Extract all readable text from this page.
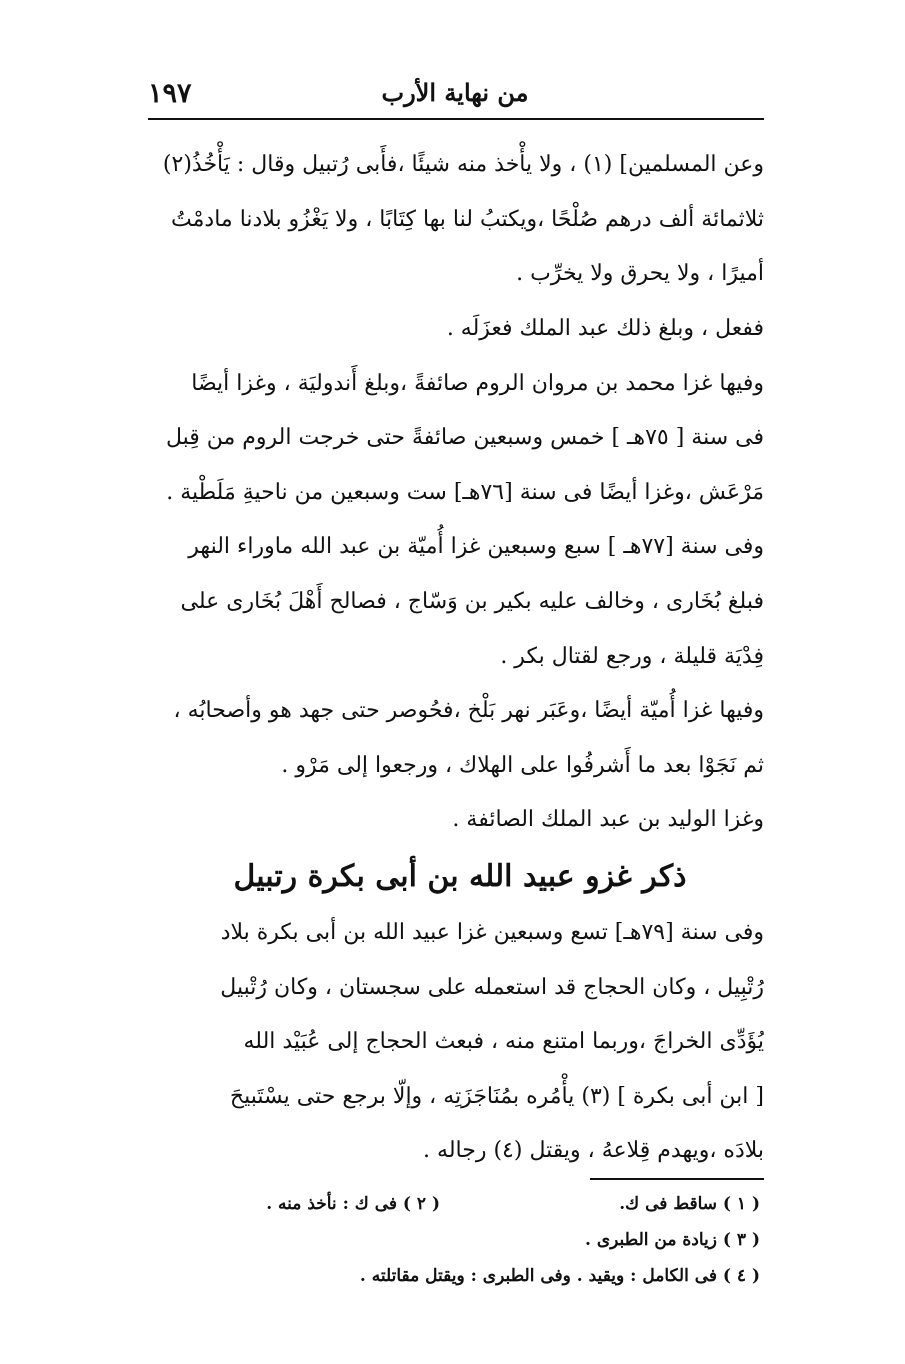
١٩٧	من نهاية الأرب
وعن المسلمين] (١) ، ولا يأْخذ منه شيئًا ،فأَبى رُتبيل وقال : يَأْخُذُ(٢)
ثلاثمائة ألف درهم صُلْحًا ،ويكتبُ لنا بها كِتَابًا ، ولا يَغْزُو بلادنا مادمْتُ
أميرًا ، ولا يحرق ولا يخرِّب .
ففعل ، وبلغ ذلك عبد الملك فعزَلَه .
وفيها غزا محمد بن مروان الروم صائفةً ،وبلغ أَندوليَة ، وغزا أيضًا
فى سنة [ ٧٥هـ ] خمس وسبعين صائفةً حتى خرجت الروم من قِبل
مَرْعَش ،وغزا أيضًا فى سنة [٧٦هـ] ست وسبعين من ناحيةِ مَلَطْية .
وفى سنة [٧٧هـ ] سبع وسبعين غزا أُميّة بن عبد الله ماوراء النهر
فبلغ بُخَارى ، وخالف عليه بكير بن وَسّاج ، فصالح أَهْلَ بُخَارى على
فِدْيَة قليلة ، ورجع لقتال بكر .
وفيها غزا أُميّة أيضًا ،وعَبَر نهر بَلْخ ،فحُوصر حتى جهد هو وأصحابُه ،
ثم نَجَوْا بعد ما أَشرفُوا على الهلاك ، ورجعوا إلى مَرْو .
وغزا الوليد بن عبد الملك الصائفة .
ذكر غزو عبيد الله بن أبى بكرة رتبيل
وفى سنة [٧٩هـ] تسع وسبعين غزا عبيد الله بن أبى بكرة بلاد
رُتْبِيل ، وكان الحجاج قد استعمله على سجستان ، وكان رُتْبيل
يُؤَدِّى الخراجَ ،وربما امتنع منه ، فبعث الحجاج إلى عُبَيْد الله
[ ابن أبى بكرة ] (٣) يأْمُره بمُنَاجَزَتِه ، وإلّا برجع حتى يسْتَبيحَ
بلادَه ،ويهدم قِلاعهُ ، ويقتل (٤) رجاله .
( ١ ) ساقط فى ك.
( ٢ ) فى ك : نأخذ منه .
( ٣ ) زيادة من الطبرى .
( ٤ ) فى الكامل : ويقيد . وفى الطبرى : ويقتل مقاتلته .
